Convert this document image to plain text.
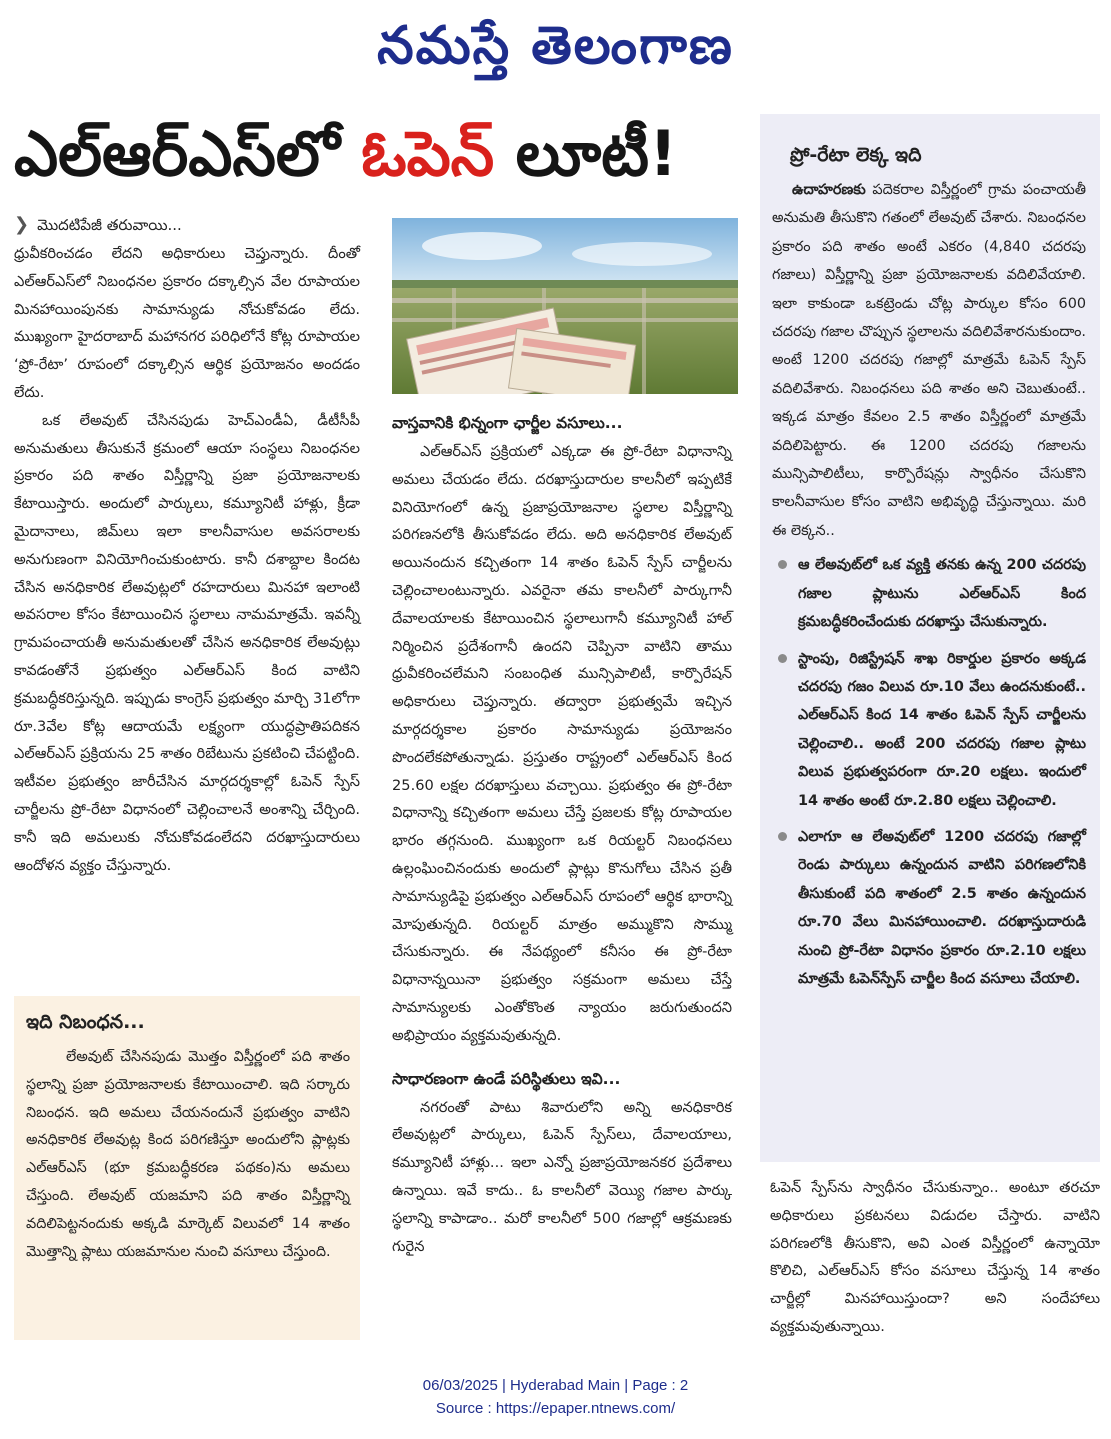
నమస్తే తెలంగాణ
ఎల్‌ఆర్‌ఎస్‌లో ఓపెన్ లూటీ!
❯ మొదటిపేజీ తరువాయి...

ధ్రువీకరించడం లేదని అధికారులు చెప్తున్నారు. దీంతో ఎల్‌ఆర్‌ఎస్‌లో నిబంధనల ప్రకారం దక్కాల్సిన వేల రూపాయల మినహాయింపునకు సామాన్యుడు నోచుకోవడం లేదు. ముఖ్యంగా హైదరాబాద్ మహానగర పరిధిలోనే కోట్ల రూపాయల ‘ప్రో-రేటా’ రూపంలో దక్కాల్సిన ఆర్థిక ప్రయోజనం అందడం లేదు.

ఒక లేఅవుట్ చేసినపుడు హెచ్‌ఎండీఏ, డీటీసీపీ అనుమతులు తీసుకునే క్రమంలో ఆయా సంస్థలు నిబంధనల ప్రకారం పది శాతం విస్తీర్ణాన్ని ప్రజా ప్రయోజనాలకు కేటాయిస్తారు. అందులో పార్కులు, కమ్యూనిటీ హాళ్లు, క్రీడా మైదానాలు, జిమ్‌లు ఇలా కాలనీవాసుల అవసరాలకు అనుగుణంగా వినియోగించుకుంటారు. కానీ దశాబ్దాల కిందట చేసిన అనధికారిక లేఅవుట్లలో రహదారులు మినహా ఇలాంటి అవసరాల కోసం కేటాయించిన స్థలాలు నామమాత్రమే. ఇవన్నీ గ్రామపంచాయతీ అనుమతులతో చేసిన అనధికారిక లేఅవుట్లు కావడంతోనే ప్రభుత్వం ఎల్‌ఆర్‌ఎస్ కింద వాటిని క్రమబద్ధీకరిస్తున్నది. ఇప్పుడు కాంగ్రెస్ ప్రభుత్వం మార్చి 31లోగా రూ.3వేల కోట్ల ఆదాయమే లక్ష్యంగా యుద్ధప్రాతిపదికన ఎల్‌ఆర్‌ఎస్ ప్రక్రియను 25 శాతం రిబేటును ప్రకటించి చేపట్టింది. ఇటీవల ప్రభుత్వం జారీచేసిన మార్గదర్శకాల్లో ఓపెన్ స్పేస్ చార్జీలను ప్రో-రేటా విధానంలో చెల్లించాలనే అంశాన్ని చేర్చింది. కానీ ఇది అమలుకు నోచుకోవడంలేదని దరఖాస్తుదారులు ఆందోళన వ్యక్తం చేస్తున్నారు.

ఇది నిబంధన...

లేఅవుట్ చేసినపుడు మొత్తం విస్తీర్ణంలో పది శాతం స్థలాన్ని ప్రజా ప్రయోజనాలకు కేటాయించాలి. ఇది సర్కారు నిబంధన. ఇది అమలు చేయనందునే ప్రభుత్వం వాటిని అనధికారిక లేఅవుట్ల కింద పరిగణిస్తూ అందులోని ప్లాట్లకు ఎల్‌ఆర్‌ఎస్ (భూ క్రమబద్ధీకరణ పథకం)ను అమలు చేస్తుంది. లేఅవుట్ యజమాని పది శాతం విస్తీర్ణాన్ని వదిలిపెట్టనందుకు అక్కడి మార్కెట్ విలువలో 14 శాతం మొత్తాన్ని ప్లాటు యజమానుల నుంచి వసూలు చేస్తుంది.

వాస్తవానికి భిన్నంగా ఛార్జీల వసూలు...

ఎల్‌ఆర్‌ఎస్ ప్రక్రియలో ఎక్కడా ఈ ప్రో-రేటా విధానాన్ని అమలు చేయడం లేదు. దరఖాస్తుదారుల కాలనీలో ఇప్పటికే వినియోగంలో ఉన్న ప్రజాప్రయోజనాల స్థలాల విస్తీర్ణాన్ని పరిగణనలోకి తీసుకోవడం లేదు. అది అనధికారిక లేఅవుట్ అయినందున కచ్చితంగా 14 శాతం ఓపెన్ స్పేస్ చార్జీలను చెల్లించాలంటున్నారు. ఎవరైనా తమ కాలనీలో పార్కుగానీ దేవాలయాలకు కేటాయించిన స్థలాలుగానీ కమ్యూనిటీ హాల్ నిర్మించిన ప్రదేశంగానీ ఉందని చెప్పినా వాటిని తాము ధ్రువీకరించలేమని సంబంధిత మున్సిపాలిటీ, కార్పొరేషన్ అధికారులు చెప్తున్నారు. తద్వారా ప్రభుత్వమే ఇచ్చిన మార్గదర్శకాల ప్రకారం సామాన్యుడు ప్రయోజనం పొందలేకపోతున్నాడు. ప్రస్తుతం రాష్ట్రంలో ఎల్‌ఆర్‌ఎస్ కింద 25.60 లక్షల దరఖాస్తులు వచ్చాయి. ప్రభుత్వం ఈ ప్రో-రేటా విధానాన్ని కచ్చితంగా అమలు చేస్తే ప్రజలకు కోట్ల రూపాయల భారం తగ్గనుంది. ముఖ్యంగా ఒక రియల్టర్ నిబంధనలు ఉల్లంఘించినందుకు అందులో ప్లాట్లు కొనుగోలు చేసిన ప్రతీ సామాన్యుడిపై ప్రభుత్వం ఎల్‌ఆర్‌ఎస్ రూపంలో ఆర్థిక భారాన్ని మోపుతున్నది. రియల్టర్ మాత్రం అమ్ముకొని సొమ్ము చేసుకున్నారు. ఈ నేపథ్యంలో కనీసం ఈ ప్రో-రేటా విధానాన్నయినా ప్రభుత్వం సక్రమంగా అమలు చేస్తే సామాన్యులకు ఎంతోకొంత న్యాయం జరుగుతుందని అభిప్రాయం వ్యక్తమవుతున్నది.

సాధారణంగా ఉండే పరిస్థితులు ఇవి...

నగరంతో పాటు శివారులోని అన్ని అనధికారిక లేఅవుట్లలో పార్కులు, ఓపెన్ స్పేస్‌లు, దేవాలయాలు, కమ్యూనిటీ హాళ్లు... ఇలా ఎన్నో ప్రజాప్రయోజనకర ప్రదేశాలు ఉన్నాయి. ఇవే కాదు.. ఓ కాలనీలో వెయ్యి గజాల పార్కు స్థలాన్ని కాపాడాం.. మరో కాలనీలో 500 గజాల్లో ఆక్రమణకు గురైన

ప్రో-రేటా లెక్క ఇది

ఉదాహరణకు పదెకరాల విస్తీర్ణంలో గ్రామ పంచాయతీ అనుమతి తీసుకొని గతంలో లేఅవుట్ చేశారు. నిబంధనల ప్రకారం పది శాతం అంటే ఎకరం (4,840 చదరపు గజాలు) విస్తీర్ణాన్ని ప్రజా ప్రయోజనాలకు వదిలివేయాలి. ఇలా కాకుండా ఒకట్రెండు చోట్ల పార్కుల కోసం 600 చదరపు గజాల చొప్పున స్థలాలను వదిలివేశారనుకుందాం. అంటే 1200 చదరపు గజాల్లో మాత్రమే ఓపెన్ స్పేస్ వదిలివేశారు. నిబంధనలు పది శాతం అని చెబుతుంటే.. ఇక్కడ మాత్రం కేవలం 2.5 శాతం విస్తీర్ణంలో మాత్రమే వదిలిపెట్టారు. ఈ 1200 చదరపు గజాలను మున్సిపాలిటీలు, కార్పొరేషన్లు స్వాధీనం చేసుకొని కాలనీవాసుల కోసం వాటిని అభివృద్ధి చేస్తున్నాయి. మరి ఈ లెక్కన..

ఆ లేఅవుట్‌లో ఒక వ్యక్తి తనకు ఉన్న 200 చదరపు గజాల ప్లాటును ఎల్‌ఆర్‌ఎస్ కింద క్రమబద్ధీకరించేందుకు దరఖాస్తు చేసుకున్నారు.
స్టాంపు, రిజిస్ట్రేషన్ శాఖ రికార్డుల ప్రకారం అక్కడ చదరపు గజం విలువ రూ.10 వేలు ఉందనుకుంటే.. ఎల్‌ఆర్‌ఎస్ కింద 14 శాతం ఓపెన్ స్పేస్ చార్జీలను చెల్లించాలి.. అంటే 200 చదరపు గజాల ప్లాటు విలువ ప్రభుత్వపరంగా రూ.20 లక్షలు. ఇందులో 14 శాతం అంటే రూ.2.80 లక్షలు చెల్లించాలి.
ఎలాగూ ఆ లేఅవుట్‌లో 1200 చదరపు గజాల్లో రెండు పార్కులు ఉన్నందున వాటిని పరిగణలోనికి తీసుకుంటే పది శాతంలో 2.5 శాతం ఉన్నందున రూ.70 వేలు మినహాయించాలి. దరఖాస్తుదారుడి నుంచి ప్రో-రేటా విధానం ప్రకారం రూ.2.10 లక్షలు మాత్రమే ఓపెన్‌స్పేస్ చార్జీల కింద వసూలు చేయాలి.

ఓపెన్ స్పేస్‌ను స్వాధీనం చేసుకున్నాం.. అంటూ తరచూ అధికారులు ప్రకటనలు విడుదల చేస్తారు. వాటిని పరిగణలోకి తీసుకొని, అవి ఎంత విస్తీర్ణంలో ఉన్నాయో కొలిచి, ఎల్‌ఆర్‌ఎస్ కోసం వసూలు చేస్తున్న 14 శాతం చార్జీల్లో మినహాయిస్తుందా? అని సందేహాలు వ్యక్తమవుతున్నాయి.

06/03/2025 | Hyderabad Main | Page : 2
Source : https://epaper.ntnews.com/
